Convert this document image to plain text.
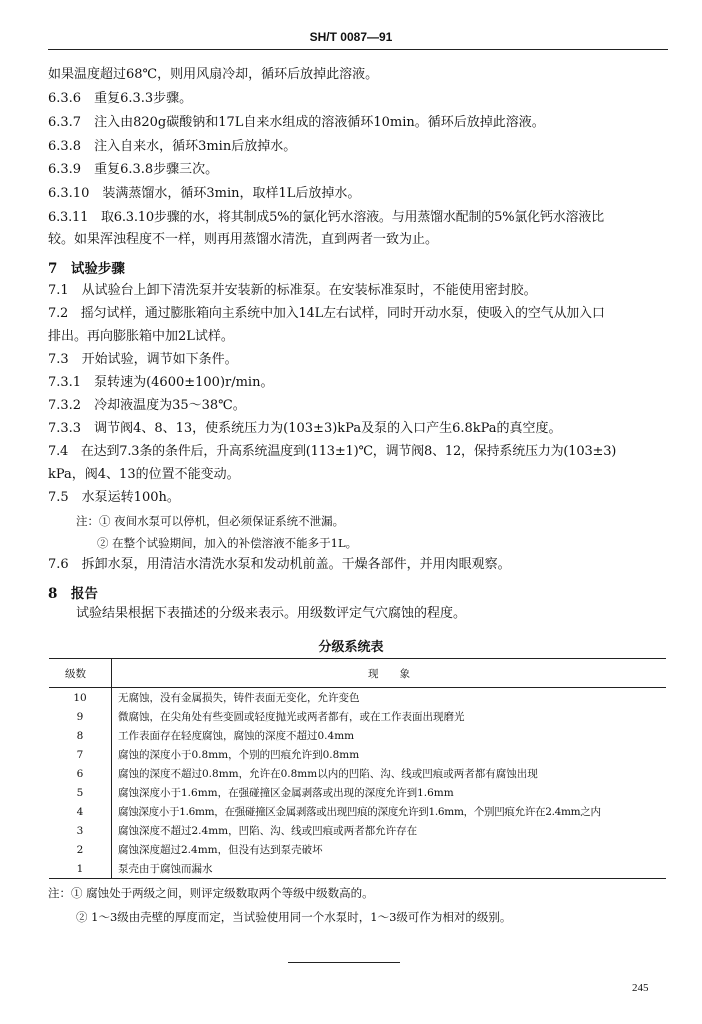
SH/T 0087—91
如果温度超过68℃，则用风扇冷却，循环后放掉此溶液。
6.3.6　重复6.3.3步骤。
6.3.7　注入由820g碳酸钠和17L自来水组成的溶液循环10min。循环后放掉此溶液。
6.3.8　注入自来水，循环3min后放掉水。
6.3.9　重复6.3.8步骤三次。
6.3.10　装满蒸馏水，循环3min，取样1L后放掉水。
6.3.11　取6.3.10步骤的水，将其制成5%的氯化钙水溶液。与用蒸馏水配制的5%氯化钙水溶液比
较。如果浑浊程度不一样，则再用蒸馏水清洗，直到两者一致为止。
7　试验步骤
7.1　从试验台上卸下清洗泵并安装新的标准泵。在安装标准泵时，不能使用密封胶。
7.2　摇匀试样，通过膨胀箱向主系统中加入14L左右试样，同时开动水泵，使吸入的空气从加入口
排出。再向膨胀箱中加2L试样。
7.3　开始试验，调节如下条件。
7.3.1　泵转速为(4600±100)r/min。
7.3.2　冷却液温度为35～38℃。
7.3.3　调节阀4、8、13，使系统压力为(103±3)kPa及泵的入口产生6.8kPa的真空度。
7.4　在达到7.3条的条件后，升高系统温度到(113±1)℃，调节阀8、12，保持系统压力为(103±3)
kPa，阀4、13的位置不能变动。
7.5　水泵运转100h。
注：① 夜间水泵可以停机，但必须保证系统不泄漏。
② 在整个试验期间，加入的补偿溶液不能多于1L。
7.6　拆卸水泵，用清洁水清洗水泵和发动机前盖。干燥各部件，并用肉眼观察。
8　报告
试验结果根据下表描述的分级来表示。用级数评定气穴腐蚀的程度。
分级系统表
级数	现　　象
10	无腐蚀，没有金属损失，铸件表面无变化，允许变色
9	微腐蚀，在尖角处有些变圆或轻度抛光或两者都有，或在工作表面出现磨光
8	工作表面存在轻度腐蚀，腐蚀的深度不超过0.4mm
7	腐蚀的深度小于0.8mm，个别的凹痕允许到0.8mm
6	腐蚀的深度不超过0.8mm，允许在0.8mm以内的凹陷、沟、线或凹痕或两者都有腐蚀出现
5	腐蚀深度小于1.6mm，在强碰撞区金属剥落或出现的深度允许到1.6mm
4	腐蚀深度小于1.6mm，在强碰撞区金属剥落或出现凹痕的深度允许到1.6mm，个别凹痕允许在2.4mm之内
3	腐蚀深度不超过2.4mm，凹陷、沟、线或凹痕或两者都允许存在
2	腐蚀深度超过2.4mm，但没有达到泵壳破坏
1	泵壳由于腐蚀而漏水
注：① 腐蚀处于两级之间，则评定级数取两个等级中级数高的。
② 1～3级由壳壁的厚度而定，当试验使用同一个水泵时，1～3级可作为相对的级别。
245
